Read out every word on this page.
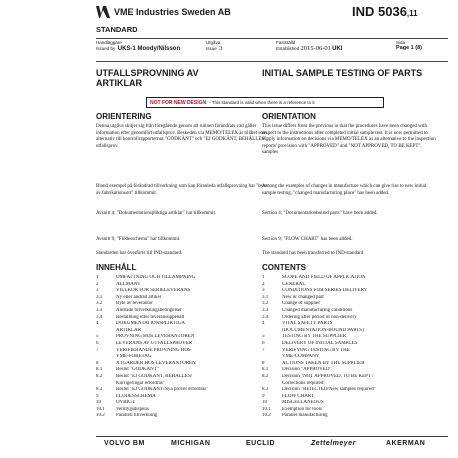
VME Industries Sweden AB	IND 5036,11
STANDARD
Handläggare
Issued by UKS-1 Moody/Nilsson
Utgåva
Issue 3
Fastställd
Established 2015-06-01 UKI
Sida
Page 1 (8)
UTFALLSPROVNING AV ARTIKLAR
INITIAL SAMPLE TESTING OF PARTS
NOT FOR NEW DESIGN - This standard is valid when there is a reference to it
ORIENTERING	ORIENTATION
Denna utgåva skiljer sig från föregående genom att rutinen förändrats vad gäller information efter genomfört utfallsprov. Beskeden via MEMO/TELEX är tillåtet som alternativ till kontrollrapporternas "GODKÄNT" och "EJ GODKÄNT, BEHÅLLES", utfallsprov.
Bland exempel på förändrad tillverkning som kan föranleda utfallsprovning har "byte av fabrikationsort" tillkommit.
Avsnitt 4; "Dokumentationspliktiga artiklar" har tillkommit.
Avsnitt 9; "Flödesschema" har tillkommit.
Standarden har överförts till IND-standard.
This issue differs from the previous in that the procedures have been changed with respect to the instructions after completed initial sample test. It is now permitted to supply information on decisions via MEMO/TELEX as an alternative to the inspection reports' provision with "APPROVED" and "NOT APPROVED, TO BE KEPT", samples
Among the examples of changes in manufacture which can give rise to new initial sample testing, "changed manufacturing place" has been added.
Section 4; "Documentationbound parts" have been added.
Section 9; "FLOW CHART" has been added.
The standard has been transferred to IND-standard
INNEHÅLL	CONTENTS
1	OMFATTNING OCH TILLÄMPNING
2	ALLMÄNT
3	VILLKOR FÖR SERIELEVERANS
3.1	Ny eller ändrad artikel
3.2	Byte av leverantör
3.3	Ändrade tillverkningsbetingelser
3.4	Beställning efter leveransuppehåll
4	DOKUMENTATIONSPLIKTIGA
ARTIKLAR
5	PROVNING HOS LEVERANTÖREN
6	LEVERANS AV UTFALLSPROVER
7	VERIFIERANDE PROVNING HOS
VME-FÖRETAG
8	ÅTGÄRDER HOS LEVERANTÖREN
8.1	Beslut "GODKÄNT"
8.2	Beslut "EJ GODKÄNT, BEHÅLLES/
Korrigeringar erfordras"
8.3	Beslut "EJ GODKÄNT/Nya prover erfordras"
9	FLÖDESSCHEMA
10	ÖVRIGT
10.1 Verktygsdispens
10.2 Parallell tillverkning
1	SCOPE AND FIELD OF APPLICATION
2	GENERAL
3	CONDITIONS FOR SERIES DELIVERY
3.1	New or changed part
3.2	Change of supplier
3.3	Changed manufacturing conditions
3.4	Ordering after period of non-delivery
4	VITAL SAFETY PARTS
(DOCUMENTATION-BOUND PARTS)
5	TESTING BY THE SUPPLIER
6	DELIVERY OF INITIAL SAMPLES
7	VERIFYING TESTING BY THE
VME-COMPANY
8	ACTIONS TAKEN BY THE SUPPLIER
8.1	Decision "APPROVED"
8.2	Decision "NOT APPROVED, TO BE KEPT /
Corrections required"
8.3	Decision "REJECTED/New samples required"
9	FLOW CHART
10	MISCELLANEOUS
10.1 Exemption for tools
10.2 Parallel manufacturing
VOLVO BM	MICHIGAN	EUCLID	Zettelmeyer	AKERMAN
